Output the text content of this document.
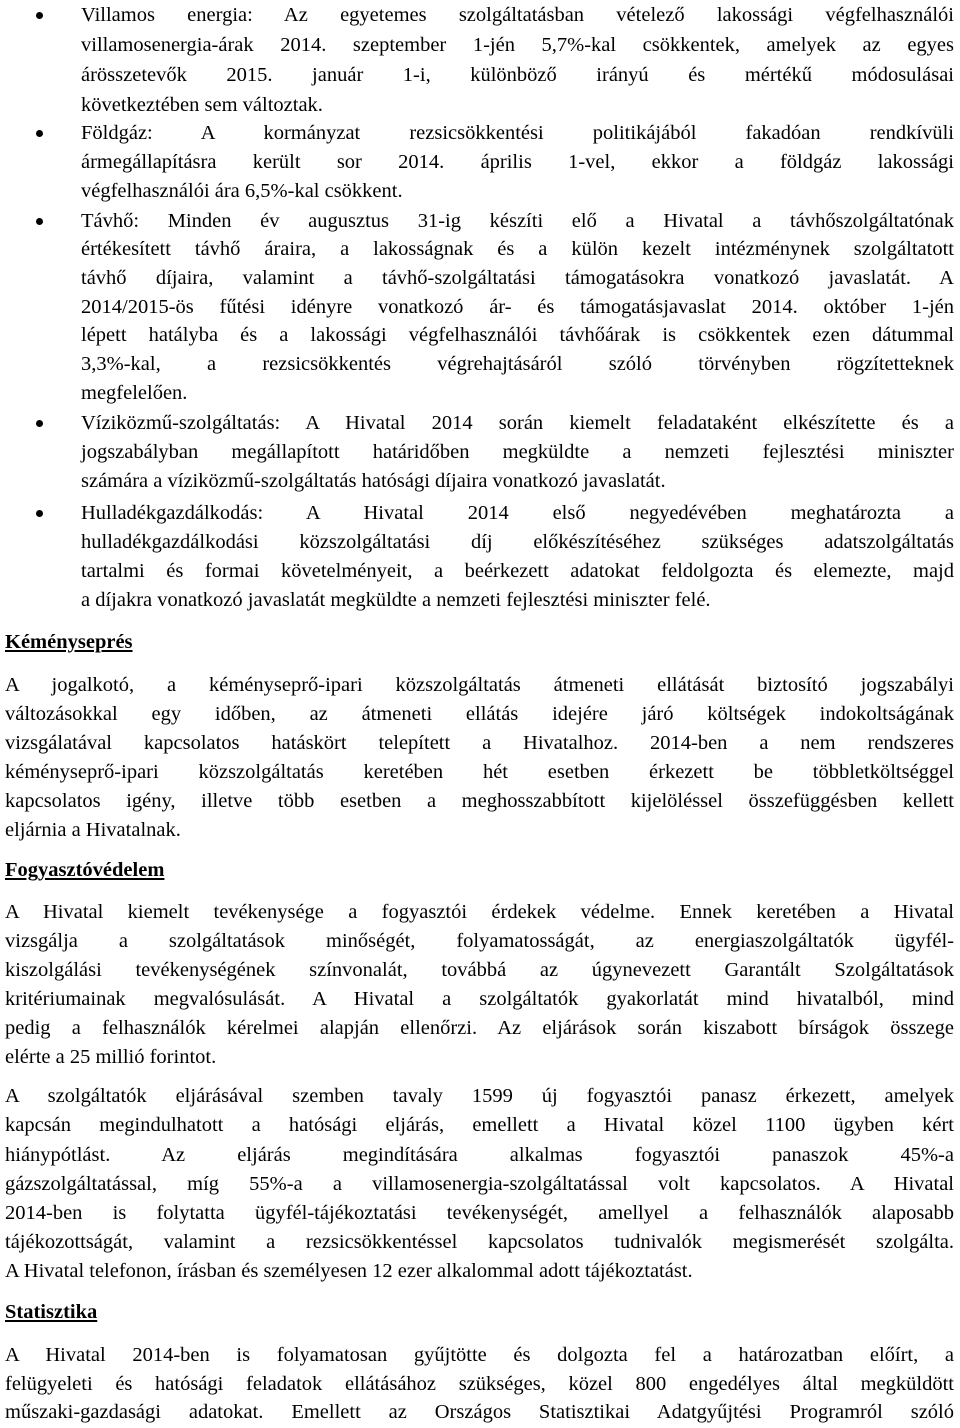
Villamos energia: Az egyetemes szolgáltatásban vételező lakossági végfelhasználói
villamosenergia-árak 2014. szeptember 1-jén 5,7%-kal csökkentek, amelyek az egyes
árösszetevők 2015. január 1-i, különböző irányú és mértékű módosulásai
következtében sem változtak.
Földgáz: A kormányzat rezsicsökkentési politikájából fakadóan rendkívüli
ármegállapításra került sor 2014. április 1-vel, ekkor a földgáz lakossági
végfelhasználói ára 6,5%-kal csökkent.
Távhő: Minden év augusztus 31-ig készíti elő a Hivatal a távhőszolgáltatónak
értékesített távhő áraira, a lakosságnak és a külön kezelt intézménynek szolgáltatott
távhő díjaira, valamint a távhő-szolgáltatási támogatásokra vonatkozó javaslatát. A
2014/2015-ös fűtési idényre vonatkozó ár- és támogatásjavaslat 2014. október 1-jén
lépett hatályba és a lakossági végfelhasználói távhőárak is csökkentek ezen dátummal
3,3%-kal, a rezsicsökkentés végrehajtásáról szóló törvényben rögzítetteknek
megfelelően.
Víziközmű-szolgáltatás: A Hivatal 2014 során kiemelt feladataként elkészítette és a
jogszabályban megállapított határidőben megküldte a nemzeti fejlesztési miniszter
számára a víziközmű-szolgáltatás hatósági díjaira vonatkozó javaslatát.
Hulladékgazdálkodás: A Hivatal 2014 első negyedévében meghatározta a
hulladékgazdálkodási közszolgáltatási díj előkészítéséhez szükséges adatszolgáltatás
tartalmi és formai követelményeit, a beérkezett adatokat feldolgozta és elemezte, majd
a díjakra vonatkozó javaslatát megküldte a nemzeti fejlesztési miniszter felé.
Kéményseprés
A jogalkotó, a kéményseprő-ipari közszolgáltatás átmeneti ellátását biztosító jogszabályi
változásokkal egy időben, az átmeneti ellátás idejére járó költségek indokoltságának
vizsgálatával kapcsolatos hatáskört telepített a Hivatalhoz. 2014-ben a nem rendszeres
kéményseprő-ipari közszolgáltatás keretében hét esetben érkezett be többletköltséggel
kapcsolatos igény, illetve több esetben a meghosszabbított kijelöléssel összefüggésben kellett
eljárnia a Hivatalnak.
Fogyasztóvédelem
A Hivatal kiemelt tevékenysége a fogyasztói érdekek védelme. Ennek keretében a Hivatal
vizsgálja a szolgáltatások minőségét, folyamatosságát, az energiaszolgáltatók ügyfél-
kiszolgálási tevékenységének színvonalát, továbbá az úgynevezett Garantált Szolgáltatások
kritériumainak megvalósulását. A Hivatal a szolgáltatók gyakorlatát mind hivatalból, mind
pedig a felhasználók kérelmei alapján ellenőrzi. Az eljárások során kiszabott bírságok összege
elérte a 25 millió forintot.
A szolgáltatók eljárásával szemben tavaly 1599 új fogyasztói panasz érkezett, amelyek
kapcsán megindulhatott a hatósági eljárás, emellett a Hivatal közel 1100 ügyben kért
hiánypótlást. Az eljárás megindítására alkalmas fogyasztói panaszok 45%-a
gázszolgáltatással, míg 55%-a a villamosenergia-szolgáltatással volt kapcsolatos. A Hivatal
2014-ben is folytatta ügyfél-tájékoztatási tevékenységét, amellyel a felhasználók alaposabb
tájékozottságát, valamint a rezsicsökkentéssel kapcsolatos tudnivalók megismerését szolgálta.
A Hivatal telefonon, írásban és személyesen 12 ezer alkalommal adott tájékoztatást.
Statisztika
A Hivatal 2014-ben is folyamatosan gyűjtötte és dolgozta fel a határozatban előírt, a
felügyeleti és hatósági feladatok ellátásához szükséges, közel 800 engedélyes által megküldött
műszaki-gazdasági adatokat. Emellett az Országos Statisztikai Adatgyűjtési Programról szóló
